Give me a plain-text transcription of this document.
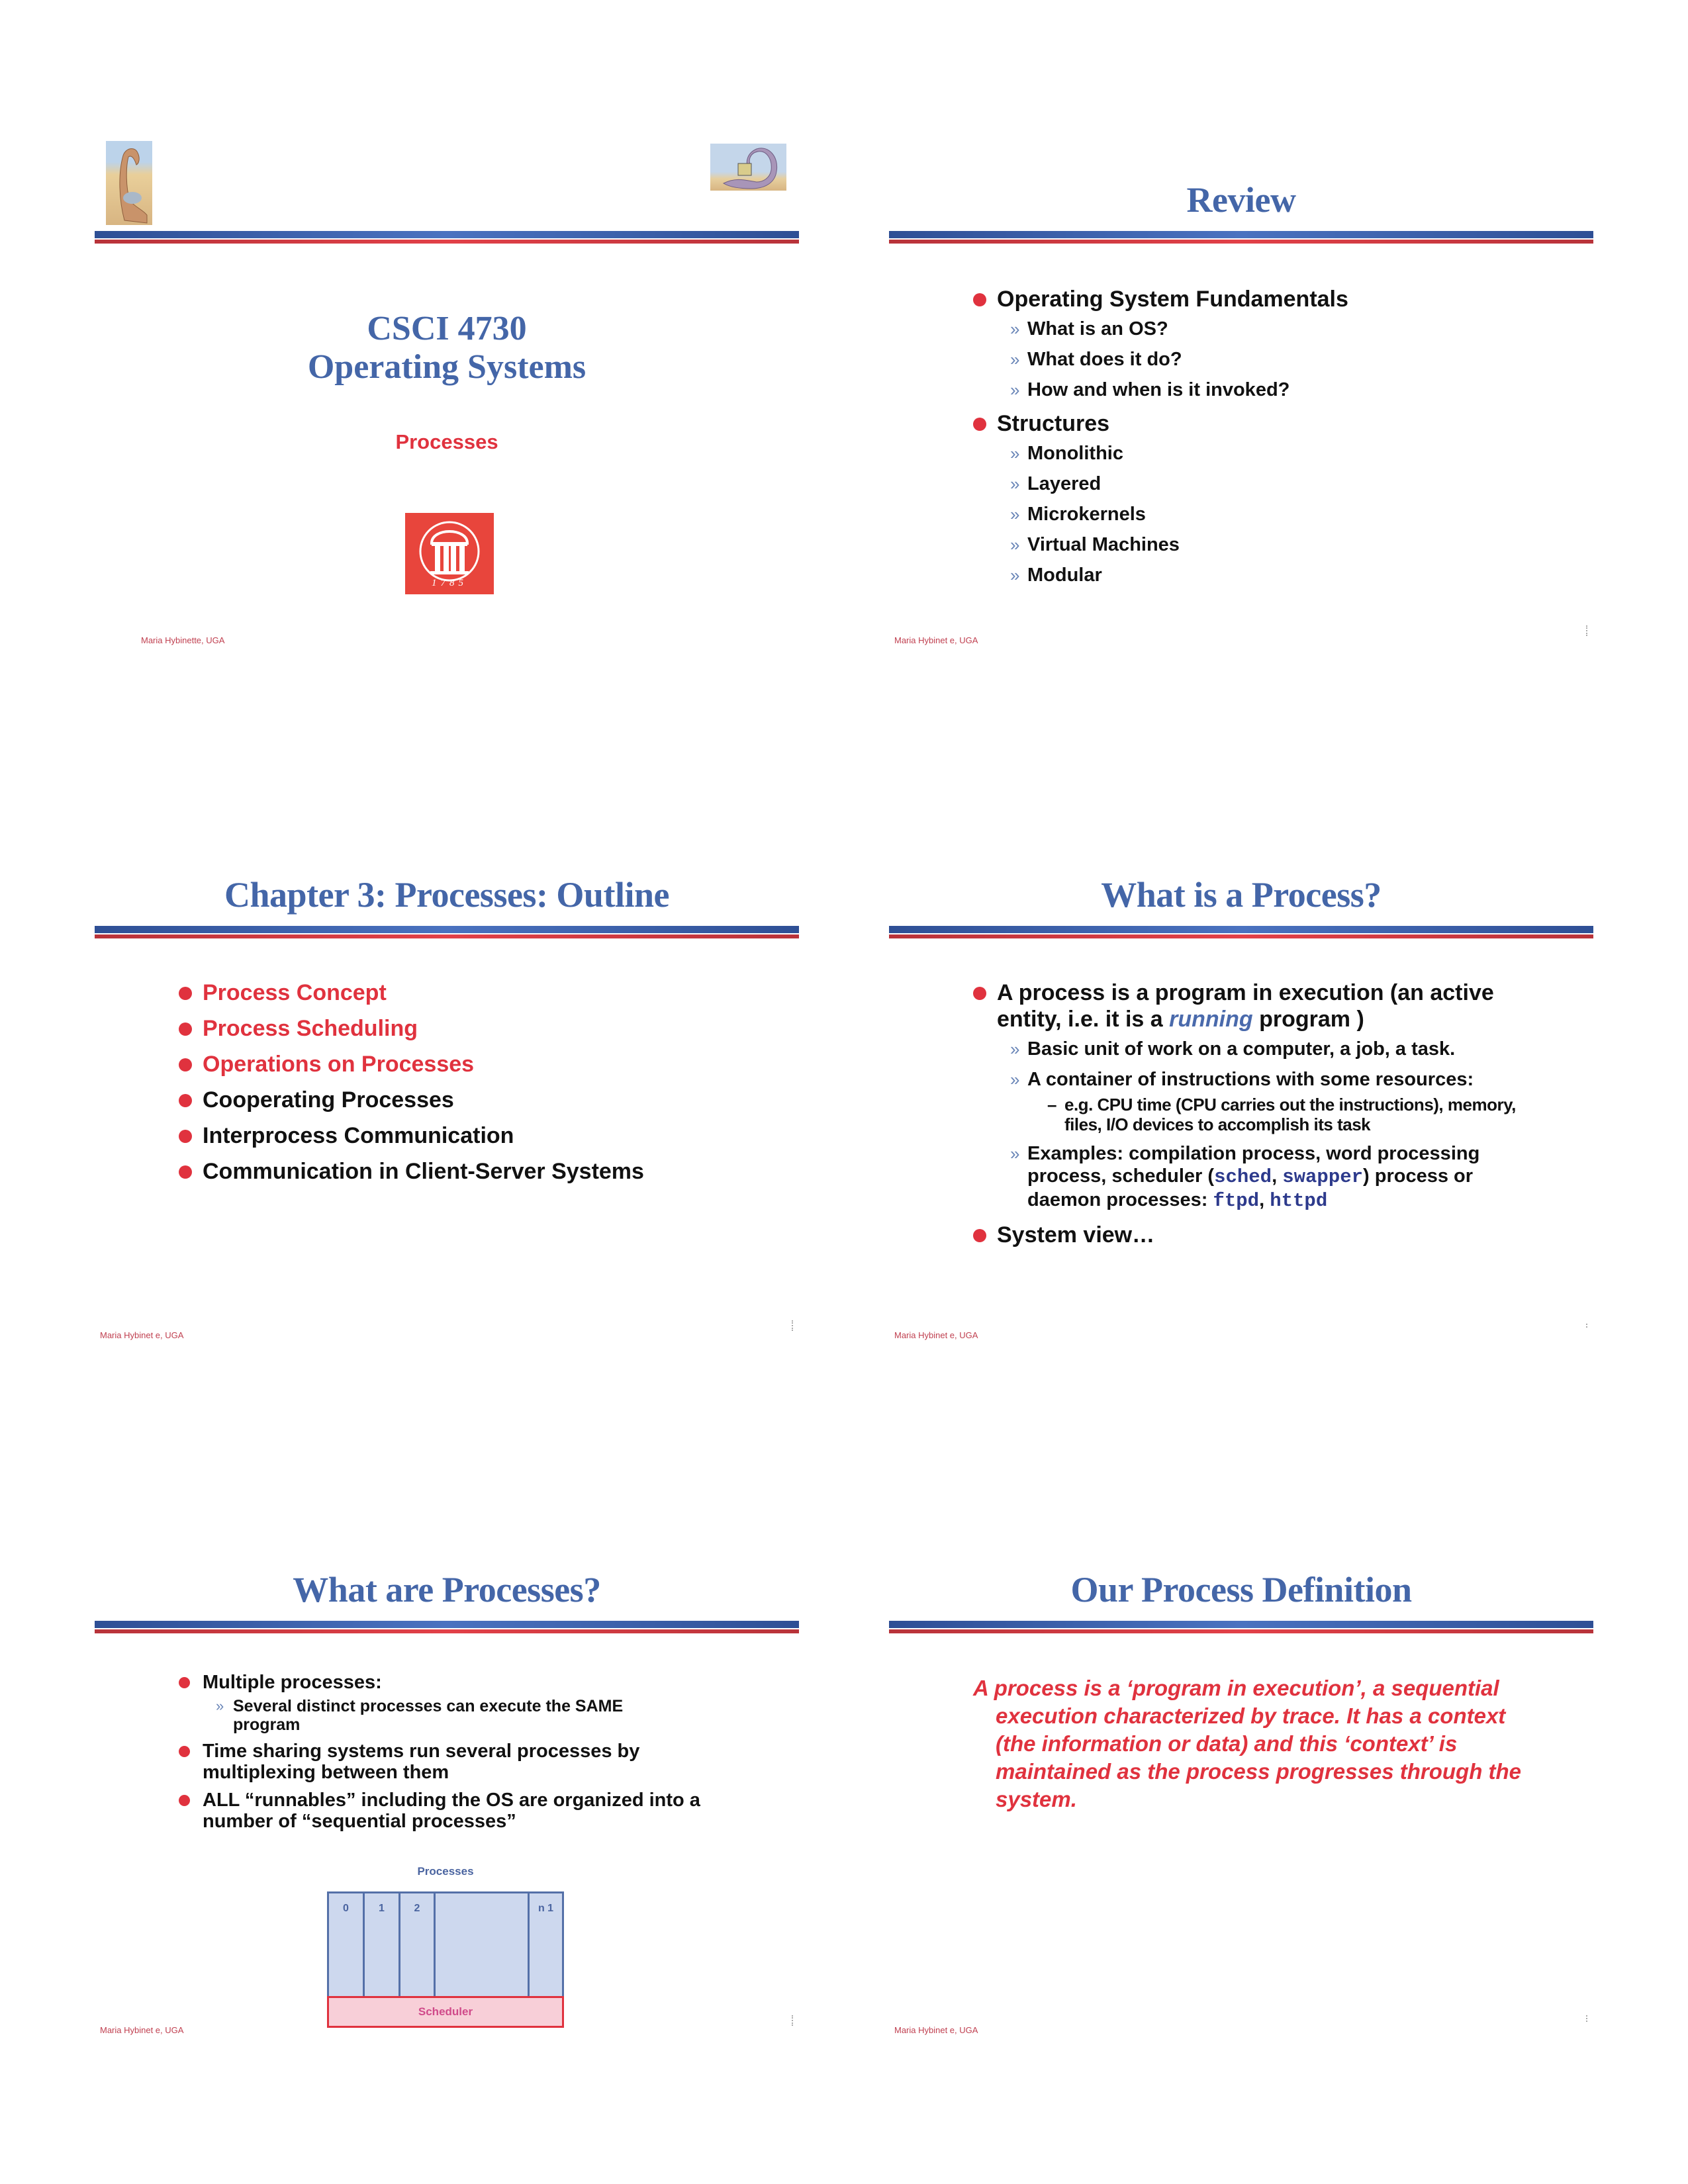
CSCI 4730
Operating Systems
Processes
1785
Maria Hybinette, UGA
Review
Operating System Fundamentals
» What is an OS?
» What does it do?
» How and when is it invoked?
Structures
» Monolithic
» Layered
» Microkernels
» Virtual Machines
» Modular
Maria Hybinet e, UGA
Chapter 3: Processes: Outline
Process Concept
Process Scheduling
Operations on Processes
Cooperating Processes
Interprocess Communication
Communication in Client-Server Systems
Maria Hybinet e, UGA
What is a Process?
A process is a program in execution (an active entity, i.e. it is a running program )
» Basic unit of work on a computer, a job, a task.
» A container of instructions with some resources:
– e.g. CPU time (CPU carries out the instructions), memory, files, I/O devices to accomplish its task
» Examples: compilation process, word processing process, scheduler (sched, swapper) process or daemon processes: ftpd, httpd
System view…
Maria Hybinet e, UGA
What are Processes?
Multiple processes:
» Several distinct processes can execute the SAME program
Time sharing systems run several processes by multiplexing between them
ALL “runnables” including the OS are organized into a number of “sequential processes”
Processes
0	1	2	n 1
Scheduler
Maria Hybinet e, UGA
Our Process Definition
A process is a ‘program in execution’, a sequential execution characterized by trace. It has a context (the information or data) and this ‘context’ is maintained as the process progresses through the system.
Maria Hybinet e, UGA
